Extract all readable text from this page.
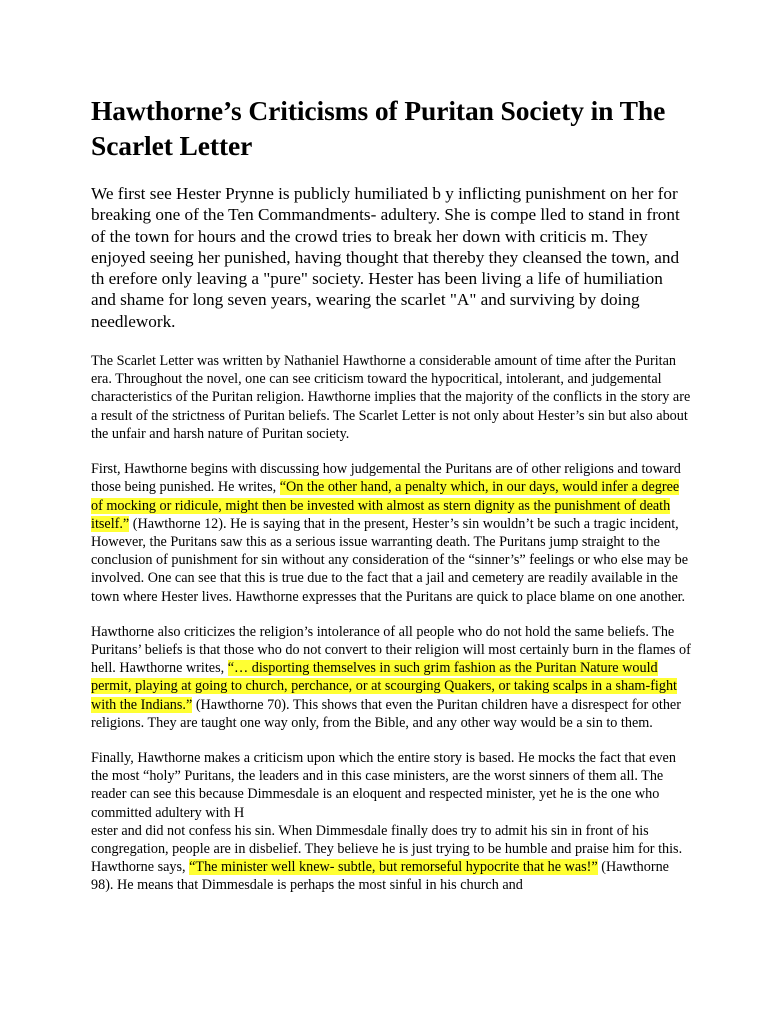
Hawthorne’s Criticisms of Puritan Society in The Scarlet Letter

We first see Hester Prynne is publicly humiliated b y inflicting punishment on her for breaking one of the Ten Commandments- adultery. She is compe lled to stand in front of the town for hours and the crowd tries to break her down with criticis m. They enjoyed seeing her punished, having thought that thereby they cleansed the town, and th erefore only leaving a "pure" society. Hester has been living a life of humiliation and shame for long seven years, wearing the scarlet "A" and surviving by doing needlework.

The Scarlet Letter was written by Nathaniel Hawthorne a considerable amount of time after the Puritan era. Throughout the novel, one can see criticism toward the hypocritical, intolerant, and judgemental characteristics of the Puritan religion. Hawthorne implies that the majority of the conflicts in the story are a result of the strictness of Puritan beliefs. The Scarlet Letter is not only about Hester’s sin but also about the unfair and harsh nature of Puritan society.

First, Hawthorne begins with discussing how judgemental the Puritans are of other religions and toward those being punished. He writes, “On the other hand, a penalty which, in our days, would infer a degree of mocking or ridicule, might then be invested with almost as stern dignity as the punishment of death itself.” (Hawthorne 12). He is saying that in the present, Hester’s sin wouldn’t be such a tragic incident, However, the Puritans saw this as a serious issue warranting death. The Puritans jump straight to the conclusion of punishment for sin without any consideration of the “sinner’s” feelings or who else may be involved. One can see that this is true due to the fact that a jail and cemetery are readily available in the town where Hester lives. Hawthorne expresses that the Puritans are quick to place blame on one another.

Hawthorne also criticizes the religion’s intolerance of all people who do not hold the same beliefs. The Puritans’ beliefs is that those who do not convert to their religion will most certainly burn in the flames of hell. Hawthorne writes, “… disporting themselves in such grim fashion as the Puritan Nature would permit, playing at going to church, perchance, or at scourging Quakers, or taking scalps in a sham-fight with the Indians.” (Hawthorne 70). This shows that even the Puritan children have a disrespect for other religions. They are taught one way only, from the Bible, and any other way would be a sin to them.

Finally, Hawthorne makes a criticism upon which the entire story is based. He mocks the fact that even the most “holy” Puritans, the leaders and in this case ministers, are the worst sinners of them all. The reader can see this because Dimmesdale is an eloquent and respected minister, yet he is the one who committed adultery with H
ester and did not confess his sin. When Dimmesdale finally does try to admit his sin in front of his congregation, people are in disbelief. They believe he is just trying to be humble and praise him for this. Hawthorne says, “The minister well knew- subtle, but remorseful hypocrite that he was!” (Hawthorne 98). He means that Dimmesdale is perhaps the most sinful in his church and
